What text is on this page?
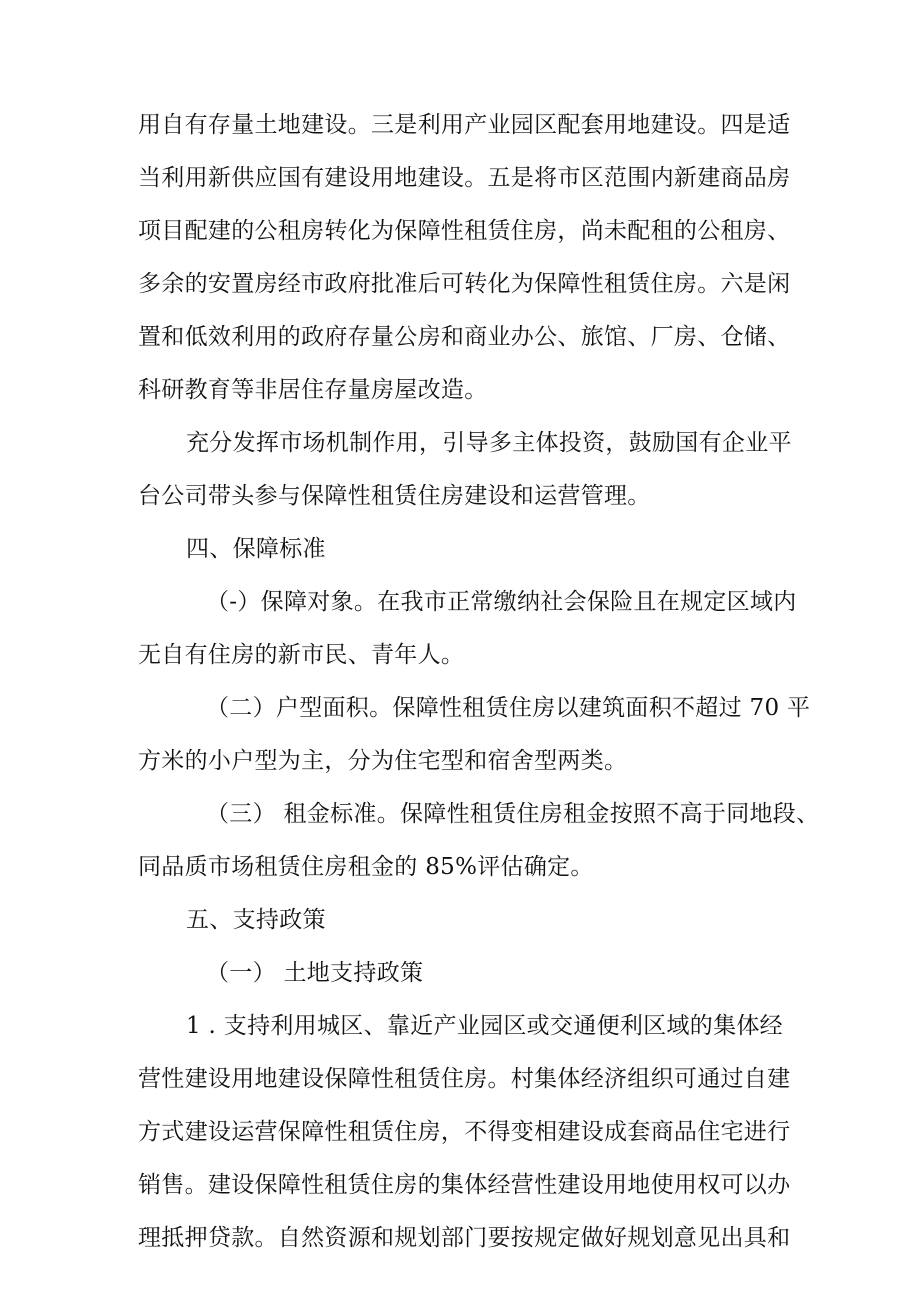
用自有存量土地建设。三是利用产业园区配套用地建设。四是适
当利用新供应国有建设用地建设。五是将市区范围内新建商品房
项目配建的公租房转化为保障性租赁住房，尚未配租的公租房、
多余的安置房经市政府批准后可转化为保障性租赁住房。六是闲
置和低效利用的政府存量公房和商业办公、旅馆、厂房、仓储、
科研教育等非居住存量房屋改造。
充分发挥市场机制作用，引导多主体投资，鼓励国有企业平
台公司带头参与保障性租赁住房建设和运营管理。
四、保障标准
（-）保障对象。在我市正常缴纳社会保险且在规定区域内
无自有住房的新市民、青年人。
（二）户型面积。保障性租赁住房以建筑面积不超过 70 平
方米的小户型为主，分为住宅型和宿舍型两类。
（三） 租金标准。保障性租赁住房租金按照不高于同地段、
同品质市场租赁住房租金的 85%评估确定。
五、支持政策
（一） 土地支持政策
1 . 支持利用城区、靠近产业园区或交通便利区域的集体经
营性建设用地建设保障性租赁住房。村集体经济组织可通过自建
方式建设运营保障性租赁住房，不得变相建设成套商品住宅进行
销售。建设保障性租赁住房的集体经营性建设用地使用权可以办
理抵押贷款。自然资源和规划部门要按规定做好规划意见出具和
